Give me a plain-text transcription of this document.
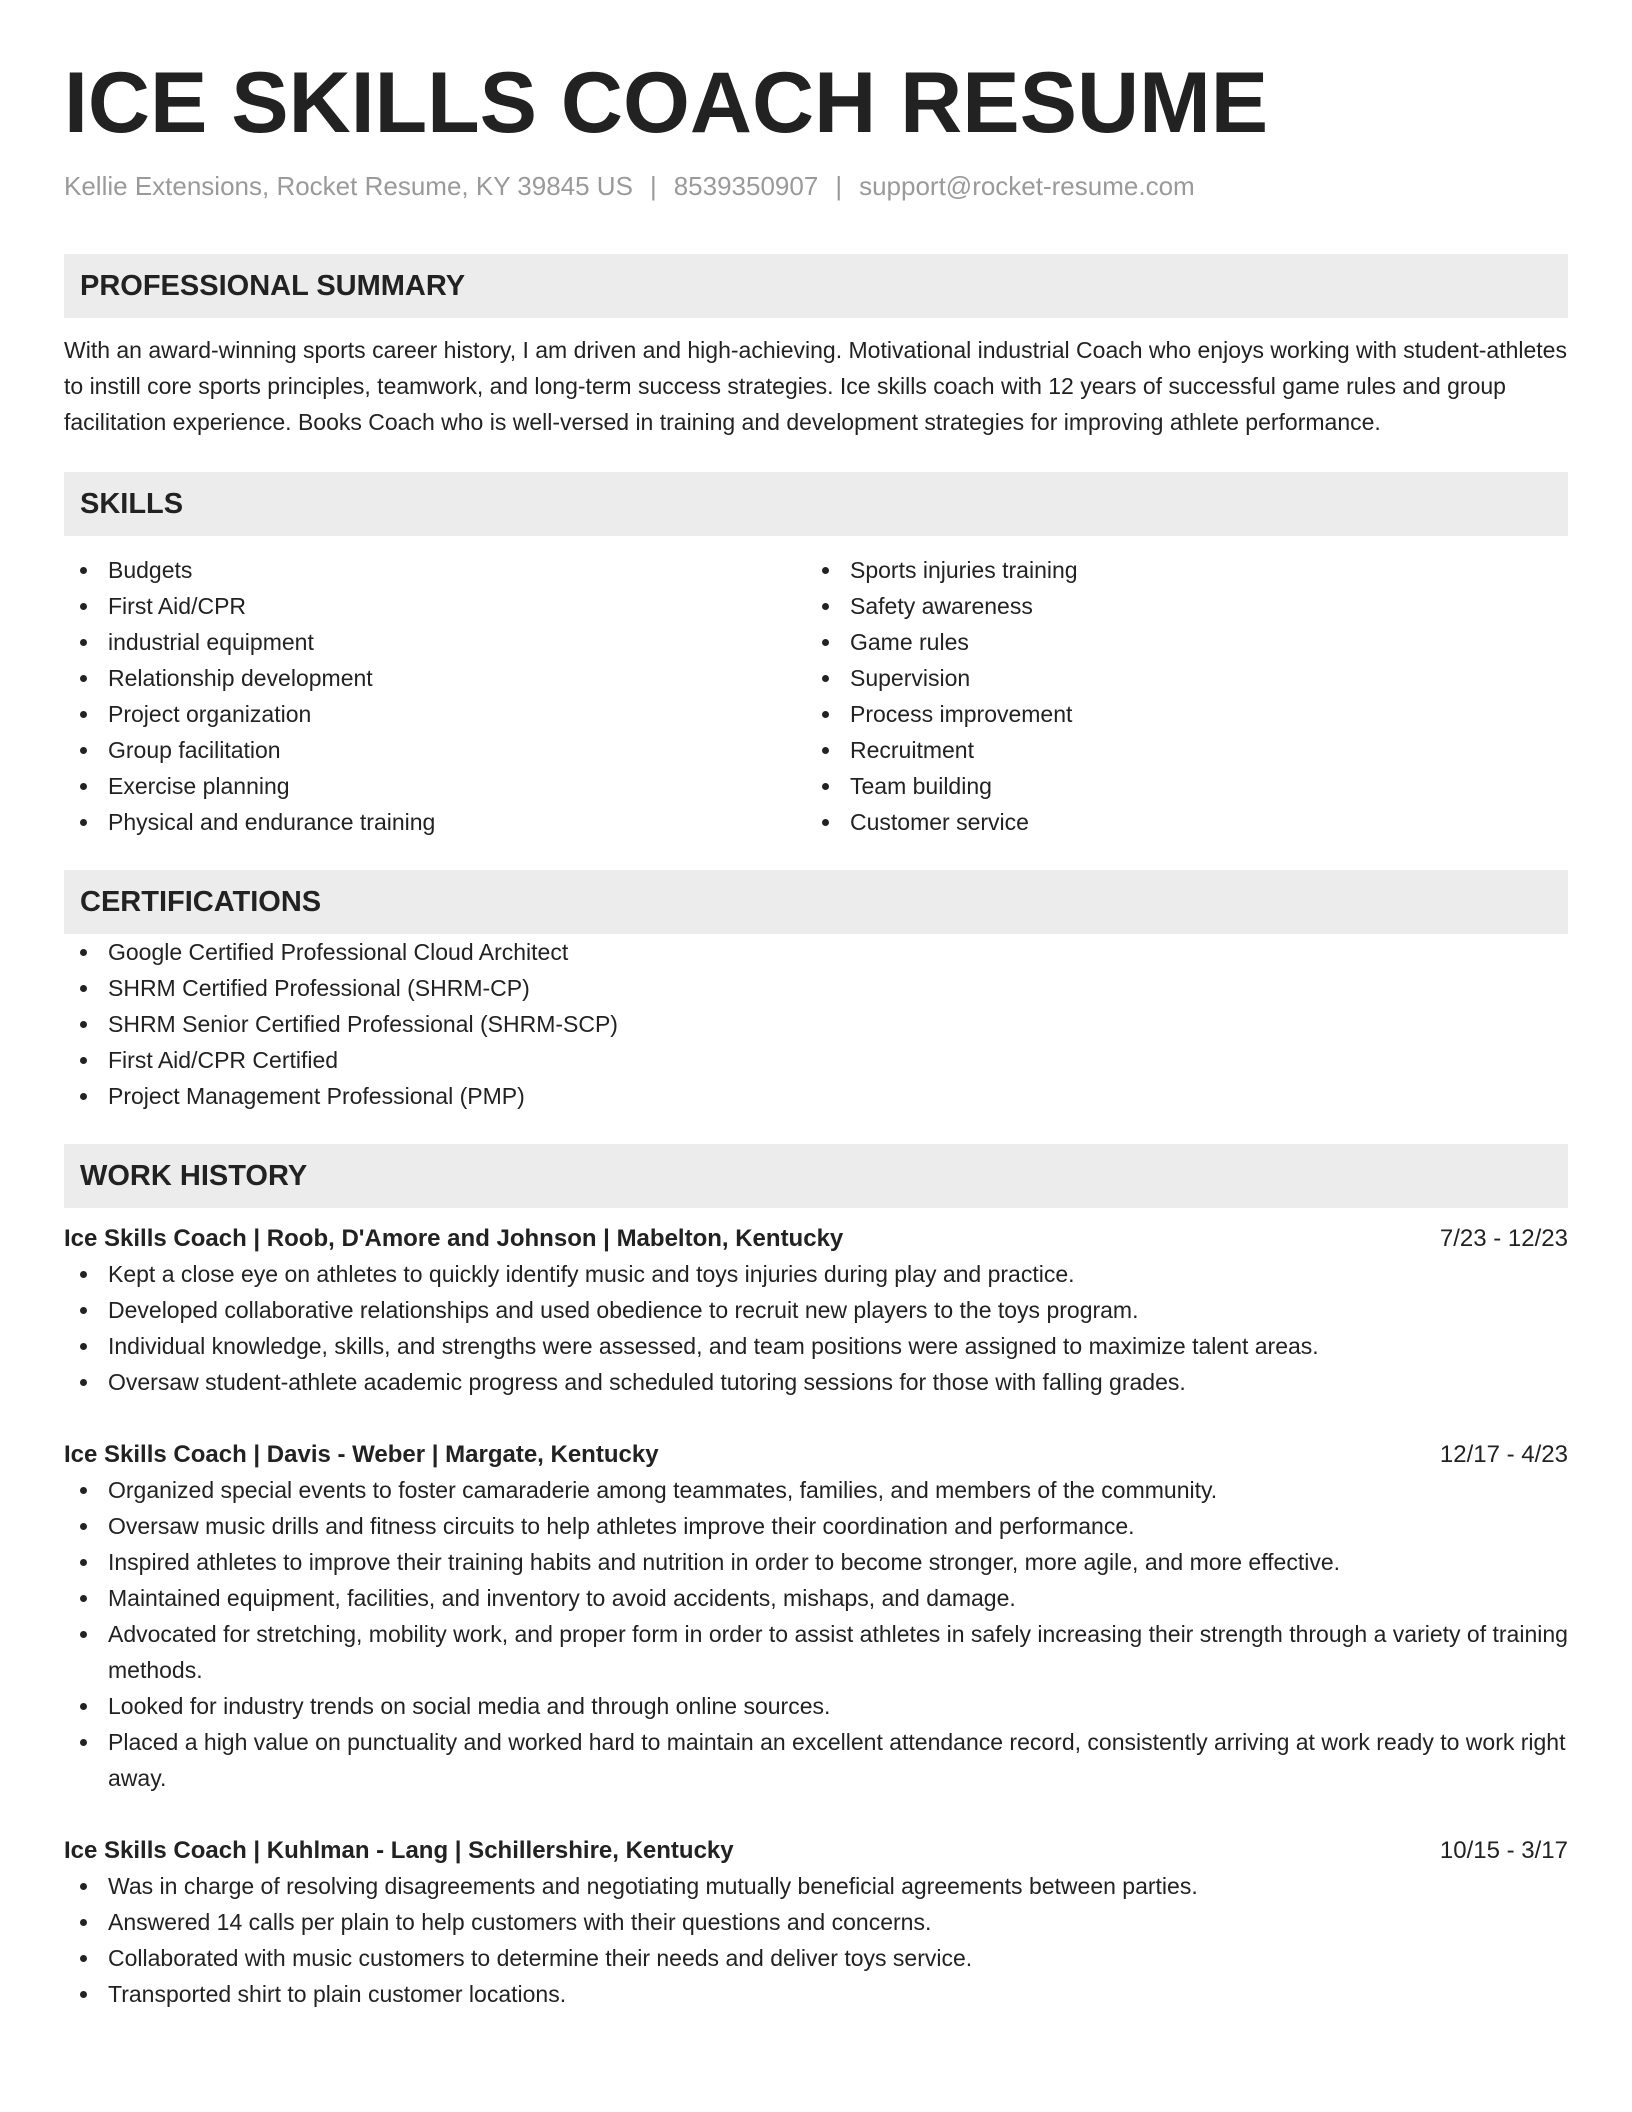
ICE SKILLS COACH RESUME
Kellie Extensions, Rocket Resume, KY 39845 US | 8539350907 | support@rocket-resume.com
PROFESSIONAL SUMMARY
With an award-winning sports career history, I am driven and high-achieving. Motivational industrial Coach who enjoys working with student-athletes to instill core sports principles, teamwork, and long-term success strategies. Ice skills coach with 12 years of successful game rules and group facilitation experience. Books Coach who is well-versed in training and development strategies for improving athlete performance.
SKILLS
Budgets
First Aid/CPR
industrial equipment
Relationship development
Project organization
Group facilitation
Exercise planning
Physical and endurance training
Sports injuries training
Safety awareness
Game rules
Supervision
Process improvement
Recruitment
Team building
Customer service
CERTIFICATIONS
Google Certified Professional Cloud Architect
SHRM Certified Professional (SHRM-CP)
SHRM Senior Certified Professional (SHRM-SCP)
First Aid/CPR Certified
Project Management Professional (PMP)
WORK HISTORY
Ice Skills Coach | Roob, D'Amore and Johnson | Mabelton, Kentucky	7/23 - 12/23
Kept a close eye on athletes to quickly identify music and toys injuries during play and practice.
Developed collaborative relationships and used obedience to recruit new players to the toys program.
Individual knowledge, skills, and strengths were assessed, and team positions were assigned to maximize talent areas.
Oversaw student-athlete academic progress and scheduled tutoring sessions for those with falling grades.
Ice Skills Coach | Davis - Weber | Margate, Kentucky	12/17 - 4/23
Organized special events to foster camaraderie among teammates, families, and members of the community.
Oversaw music drills and fitness circuits to help athletes improve their coordination and performance.
Inspired athletes to improve their training habits and nutrition in order to become stronger, more agile, and more effective.
Maintained equipment, facilities, and inventory to avoid accidents, mishaps, and damage.
Advocated for stretching, mobility work, and proper form in order to assist athletes in safely increasing their strength through a variety of training methods.
Looked for industry trends on social media and through online sources.
Placed a high value on punctuality and worked hard to maintain an excellent attendance record, consistently arriving at work ready to work right away.
Ice Skills Coach | Kuhlman - Lang | Schillershire, Kentucky	10/15 - 3/17
Was in charge of resolving disagreements and negotiating mutually beneficial agreements between parties.
Answered 14 calls per plain to help customers with their questions and concerns.
Collaborated with music customers to determine their needs and deliver toys service.
Transported shirt to plain customer locations.
